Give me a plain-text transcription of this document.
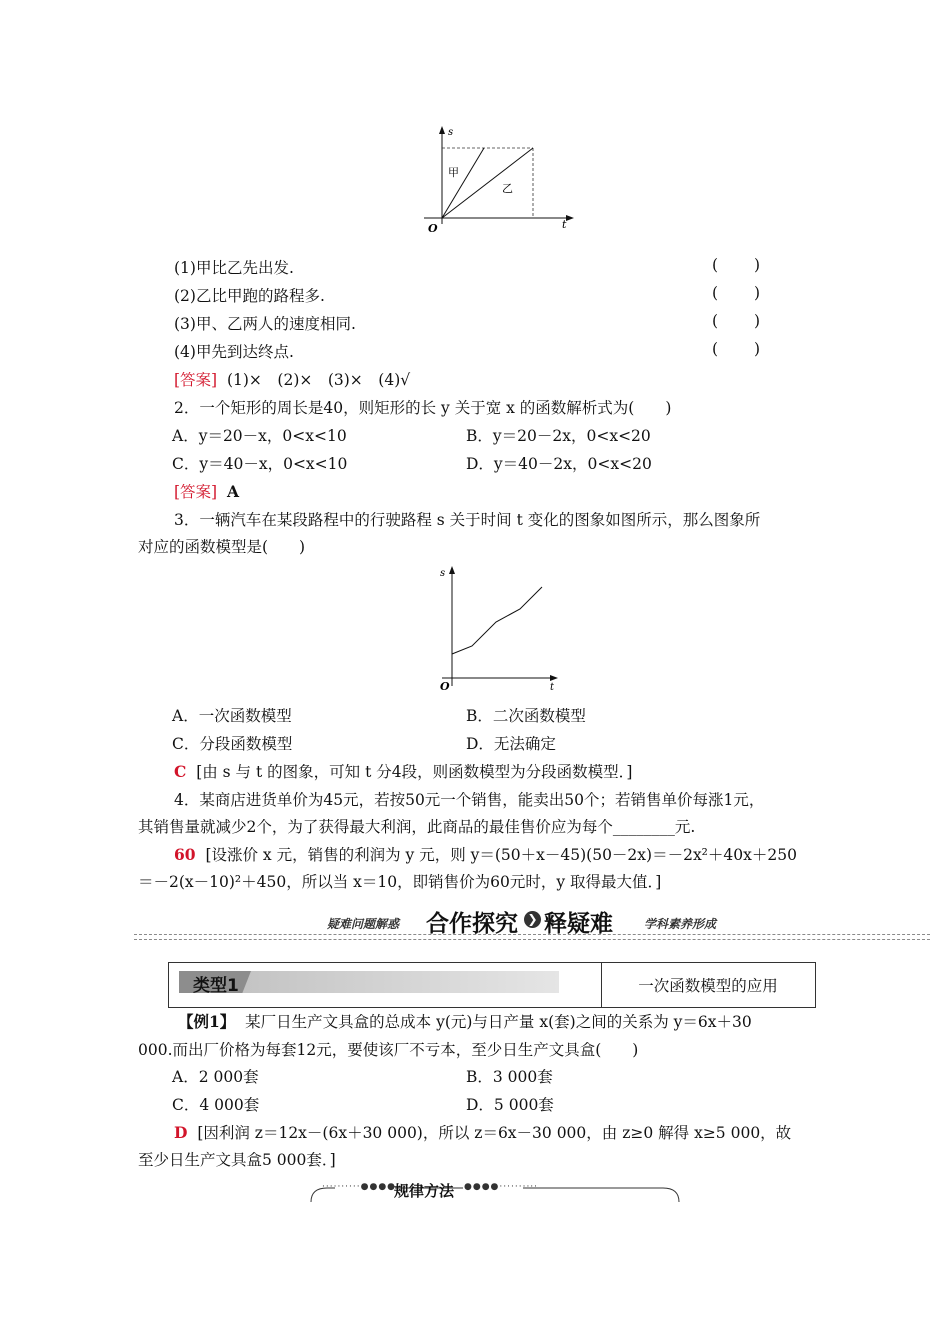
s
t
O
甲
乙
(1)甲比乙先出发.	( )
(2)乙比甲跑的路程多.	( )
(3)甲、乙两人的速度相同.	( )
(4)甲先到达终点.	( )
[答案] (1)×　(2)×　(3)×　(4)√
2．一个矩形的周长是40，则矩形的长 y 关于宽 x 的函数解析式为(　　)
A．y＝20－x，0<x<10	B．y＝20－2x，0<x<20
C．y＝40－x，0<x<10	D．y＝40－2x，0<x<20
[答案] A
3．一辆汽车在某段路程中的行驶路程 s 关于时间 t 变化的图象如图所示，那么图象所
对应的函数模型是(　　)
s
t
O
A．一次函数模型	B．二次函数模型
C．分段函数模型	D．无法确定
C [由 s 与 t 的图象，可知 t 分4段，则函数模型为分段函数模型．]
4．某商店进货单价为45元，若按50元一个销售，能卖出50个；若销售单价每涨1元，
其销售量就减少2个，为了获得最大利润，此商品的最佳售价应为每个________元.
60 [设涨价 x 元，销售的利润为 y 元，则 y＝(50＋x－45)(50－2x)＝－2x²＋40x＋250
＝－2(x－10)²＋450，所以当 x＝10，即销售价为60元时，y 取得最大值．]
疑难问题解惑 合作探究 ❯ 释疑难	学科素养形成
类型1	一次函数模型的应用
【例1】 某厂日生产文具盒的总成本 y(元)与日产量 x(套)之间的关系为 y＝6x＋30
000.而出厂价格为每套12元，要使该厂不亏本，至少日生产文具盒(　　)
A．2 000套	B．3 000套
C．4 000套	D．5 000套
D [因利润 z＝12x－(6x＋30 000)，所以 z＝6x－30 000，由 z≥0 解得 x≥5 000，故
至少日生产文具盒5 000套．]
··········●●●●
规律方法 ●●●●··········
